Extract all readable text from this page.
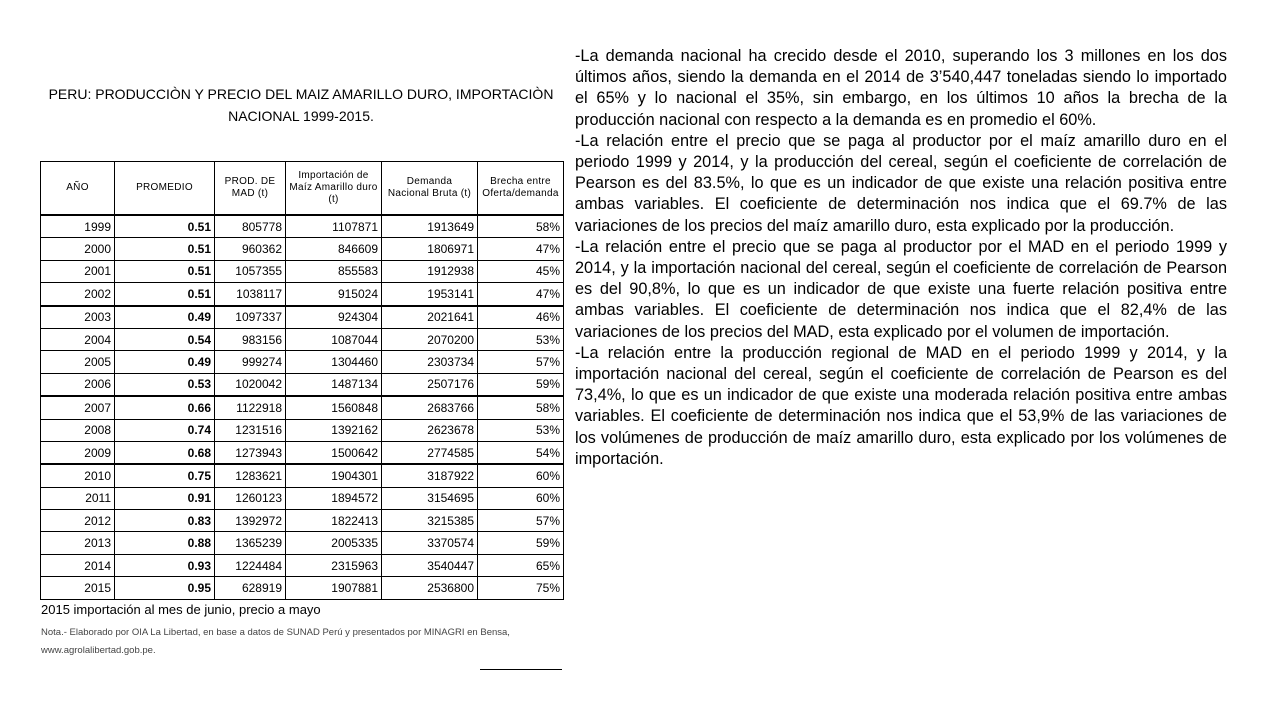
PERU: PRODUCCIÒN Y PRECIO DEL MAIZ AMARILLO DURO, IMPORTACIÒN
NACIONAL 1999-2015.
AÑO	PROMEDIO	PROD. DE MAD (t)	Importación de Maíz Amarillo duro (t)	Demanda Nacional Bruta (t)	Brecha entre Oferta/demanda
1999	0.51	805778	1107871	1913649	58%
2000	0.51	960362	846609	1806971	47%
2001	0.51	1057355	855583	1912938	45%
2002	0.51	1038117	915024	1953141	47%
2003	0.49	1097337	924304	2021641	46%
2004	0.54	983156	1087044	2070200	53%
2005	0.49	999274	1304460	2303734	57%
2006	0.53	1020042	1487134	2507176	59%
2007	0.66	1122918	1560848	2683766	58%
2008	0.74	1231516	1392162	2623678	53%
2009	0.68	1273943	1500642	2774585	54%
2010	0.75	1283621	1904301	3187922	60%
2011	0.91	1260123	1894572	3154695	60%
2012	0.83	1392972	1822413	3215385	57%
2013	0.88	1365239	2005335	3370574	59%
2014	0.93	1224484	2315963	3540447	65%
2015	0.95	628919	1907881	2536800	75%
2015 importación al mes de junio, precio a mayo
Nota.- Elaborado por OIA La Libertad, en base a datos de SUNAD Perú y presentados por MINAGRI en Bensa,
www.agrolalibertad.gob.pe.

-La demanda nacional ha crecido desde el 2010, superando los 3 millones en los dos últimos años, siendo la demanda en el 2014 de 3’540,447 toneladas siendo lo importado el 65% y lo nacional el 35%, sin embargo, en los últimos 10 años la brecha de la producción nacional con respecto a la demanda es en promedio el 60%.

-La relación entre el precio que se paga al productor por el maíz amarillo duro en el periodo 1999 y 2014, y la producción del cereal, según el coeficiente de correlación de Pearson es del 83.5%, lo que es un indicador de que existe una relación positiva entre ambas variables. El coeficiente de determinación nos indica que el 69.7% de las variaciones de los precios del maíz amarillo duro, esta explicado por la producción.

-La relación entre el precio que se paga al productor por el MAD en el periodo 1999 y 2014, y la importación nacional del cereal, según el coeficiente de correlación de Pearson es del 90,8%, lo que es un indicador de que existe una fuerte relación positiva entre ambas variables. El coeficiente de determinación nos indica que el 82,4% de las variaciones de los precios del MAD, esta explicado por el volumen de importación.

-La relación entre la producción regional de MAD en el periodo 1999 y 2014, y la importación nacional del cereal, según el coeficiente de correlación de Pearson es del 73,4%, lo que es un indicador de que existe una moderada relación positiva entre ambas variables. El coeficiente de determinación nos indica que el 53,9% de las variaciones de los volúmenes de producción de maíz amarillo duro, esta explicado por los volúmenes de importación.
